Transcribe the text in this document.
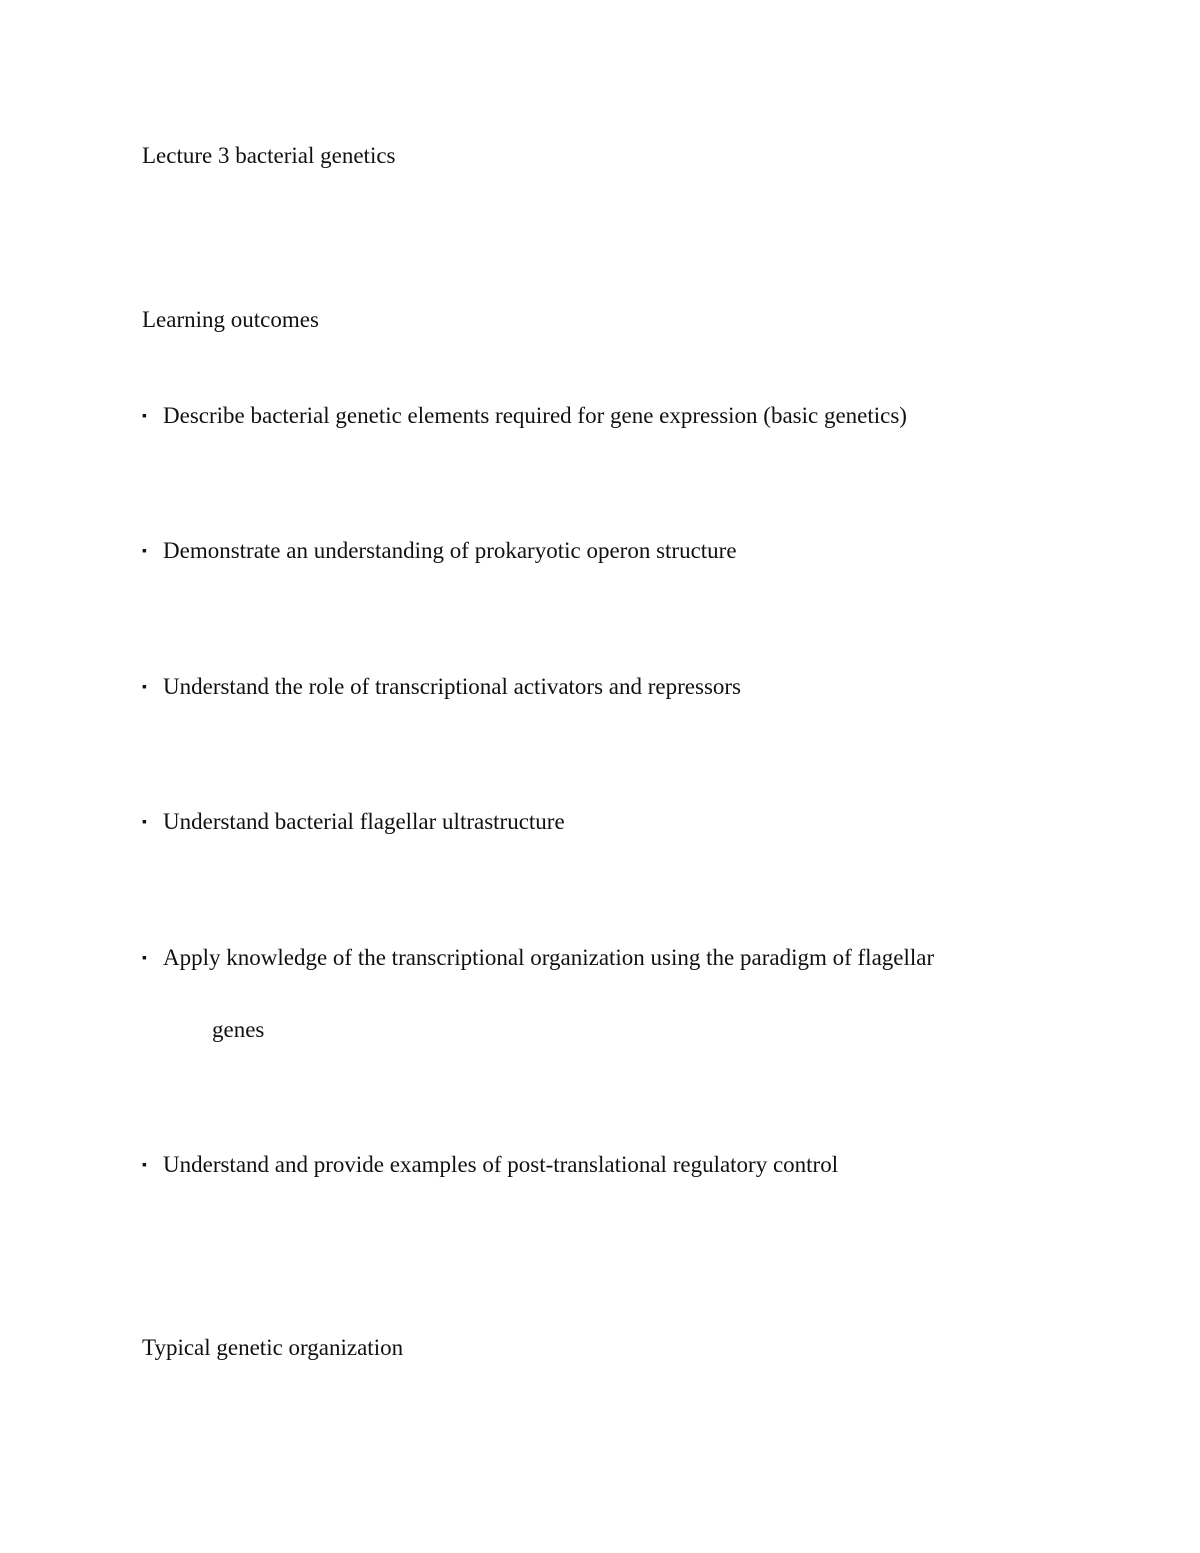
Lecture 3 bacterial genetics
Learning outcomes
▪ Describe bacterial genetic elements required for gene expression (basic genetics)
▪ Demonstrate an understanding of prokaryotic operon structure
▪ Understand the role of transcriptional activators and repressors
▪ Understand bacterial flagellar ultrastructure
▪ Apply knowledge of the transcriptional organization using the paradigm of flagellar
genes
▪ Understand and provide examples of post-translational regulatory control
Typical genetic organization
